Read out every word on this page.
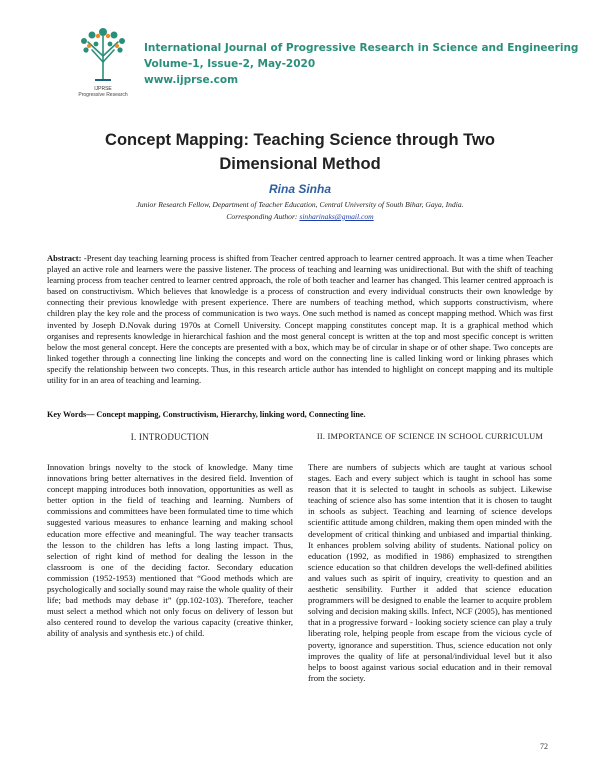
IJPRSE
Progressive Research
International Journal of Progressive Research in Science and Engineering
Volume-1, Issue-2, May-2020
www.ijprse.com
Concept Mapping: Teaching Science through Two
Dimensional Method
Rina Sinha
Junior Research Fellow, Department of Teacher Education, Central University of South Bihar, Gaya, India.
Corresponding Author: sinharinaks@gmail.com
Abstract: -Present day teaching learning process is shifted from Teacher centred approach to learner centred approach. It was a time when Teacher played an active role and learners were the passive listener. The process of teaching and learning was unidirectional. But with the shift of teaching learning process from teacher centred to learner centred approach, the role of both teacher and learner has changed. This learner centred approach is based on constructivism. Which believes that knowledge is a process of construction and every individual constructs their own knowledge by connecting their previous knowledge with present experience. There are numbers of teaching method, which supports constructivism, where children play the key role and the process of communication is two ways. One such method is named as concept mapping method. Which was first invented by Joseph D.Novak during 1970s at Cornell University. Concept mapping constitutes concept map. It is a graphical method which organises and represents knowledge in hierarchical fashion and the most general concept is written at the top and most specific concept is written below the most general concept. Here the concepts are presented with a box, which may be of circular in shape or of other shape. Two concepts are linked together through a connecting line linking the concepts and word on the connecting line is called linking word or linking phrases which specify the relationship between two concepts. Thus, in this research article author has intended to highlight on concept mapping and its multiple utility for in an area of teaching and learning.
Key Words— Concept mapping, Constructivism, Hierarchy, linking word, Connecting line.
I. INTRODUCTION
Innovation brings novelty to the stock of knowledge. Many time innovations bring better alternatives in the desired field. Invention of concept mapping introduces both innovation, opportunities as well as better option in the field of teaching and learning. Numbers of commissions and committees have been formulated time to time which suggested various measures to enhance learning and making school education more effective and meaningful. The way teacher transacts the lesson to the children has lefts a long lasting impact. Thus, selection of right kind of method for dealing the lesson in the classroom is one of the deciding factor. Secondary education commission (1952-1953) mentioned that “Good methods which are psychologically and socially sound may raise the whole quality of their life; bad methods may debase it” (pp.102-103). Therefore, teacher must select a method which not only focus on delivery of lesson but also centered round to develop the various capacity (creative thinker, ability of analysis and synthesis etc.) of child.
II. IMPORTANCE OF SCIENCE IN SCHOOL CURRICULUM
There are numbers of subjects which are taught at various school stages. Each and every subject which is taught in school has some reason that it is selected to taught in schools as subject. Likewise teaching of science also has some intention that it is chosen to taught in schools as subject. Teaching and learning of science develops scientific attitude among children, making them open minded with the development of critical thinking and unbiased and impartial thinking. It enhances problem solving ability of students. National policy on education (1992, as modified in 1986) emphasized to strengthen science education so that children develops the well-defined abilities and values such as spirit of inquiry, creativity to question and an aesthetic sensibility. Further it added that science education programmers will be designed to enable the learner to acquire problem solving and decision making skills. Infect, NCF (2005), has mentioned that in a progressive forward - looking society science can play a truly liberating role, helping people from escape from the vicious cycle of poverty, ignorance and superstition. Thus, science education not only improves the quality of life at personal/individual level but it also helps to boost against various social education and in their removal from the society.
72
